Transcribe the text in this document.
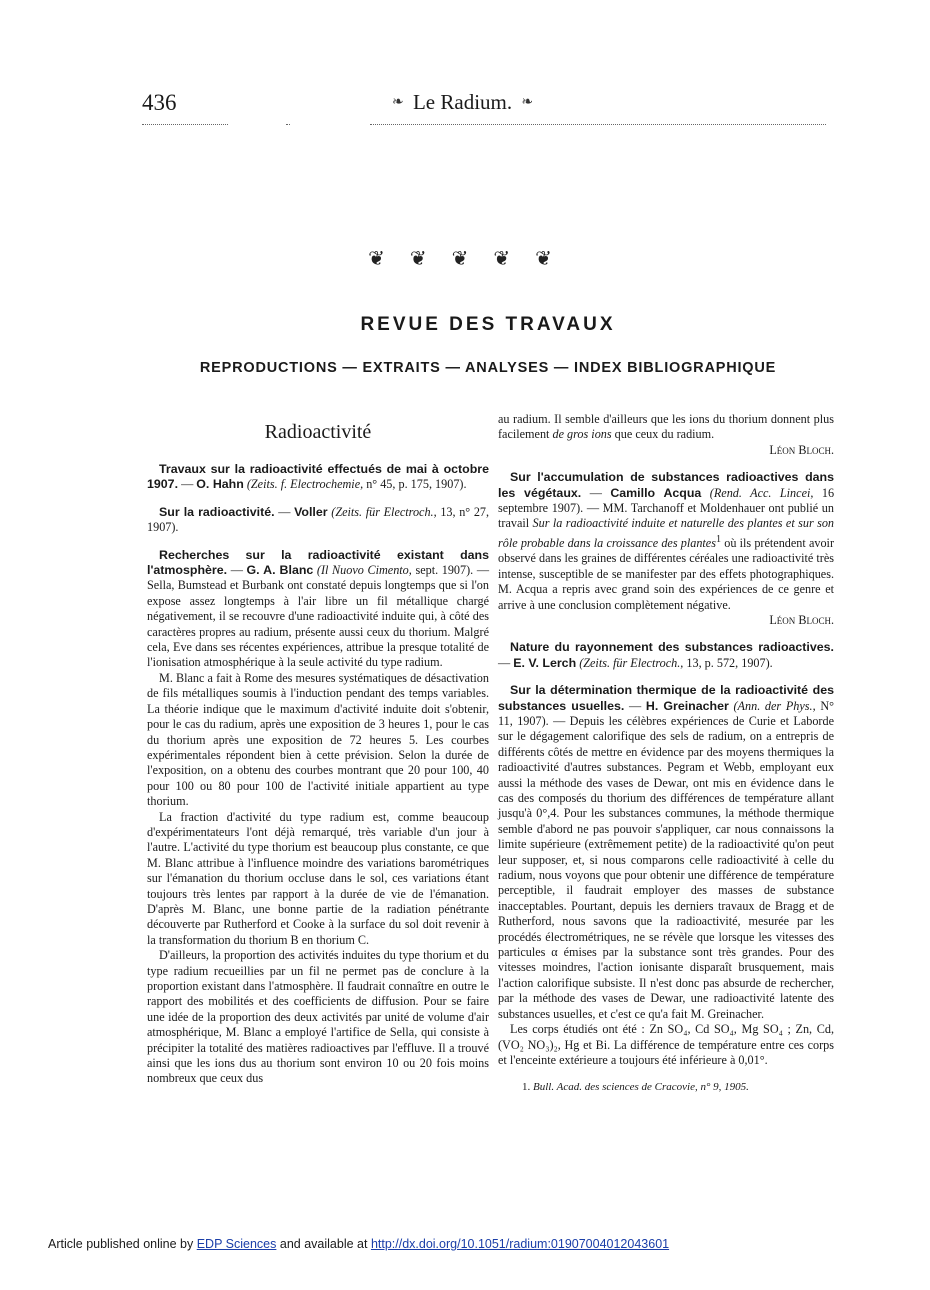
436	❧ Le Radium. ❧
❦ ❦ ❦ ❦ ❦
REVUE DES TRAVAUX
REPRODUCTIONS — EXTRAITS — ANALYSES — INDEX BIBLIOGRAPHIQUE
Radioactivité

Travaux sur la radioactivité effectués de mai à octobre 1907. — O. Hahn (Zeits. f. Electrochemie, n° 45, p. 175, 1907).

Sur la radioactivité. — Voller (Zeits. für Electroch., 13, n° 27, 1907).

Recherches sur la radioactivité existant dans l'atmosphère. — G. A. Blanc (Il Nuovo Cimento, sept. 1907). — Sella, Bumstead et Burbank ont constaté depuis longtemps que si l'on expose assez longtemps à l'air libre un fil métallique chargé négativement, il se recouvre d'une radioactivité induite qui, à côté des caractères propres au radium, présente aussi ceux du thorium. Malgré cela, Eve dans ses récentes expériences, attribue la presque totalité de l'ionisation atmosphérique à la seule activité du type radium.

M. Blanc a fait à Rome des mesures systématiques de désactivation de fils métalliques soumis à l'induction pendant des temps variables. La théorie indique que le maximum d'activité induite doit s'obtenir, pour le cas du radium, après une exposition de 3 heures 1, pour le cas du thorium après une exposition de 72 heures 5. Les courbes expérimentales répondent bien à cette prévision. Selon la durée de l'exposition, on a obtenu des courbes montrant que 20 pour 100, 40 pour 100 ou 80 pour 100 de l'activité initiale appartient au type thorium.

La fraction d'activité du type radium est, comme beaucoup d'expérimentateurs l'ont déjà remarqué, très variable d'un jour à l'autre. L'activité du type thorium est beaucoup plus constante, ce que M. Blanc attribue à l'influence moindre des variations barométriques sur l'émanation du thorium occluse dans le sol, ces variations étant toujours très lentes par rapport à la durée de vie de l'émanation. D'après M. Blanc, une bonne partie de la radiation pénétrante découverte par Rutherford et Cooke à la surface du sol doit revenir à la transformation du thorium B en thorium C.

D'ailleurs, la proportion des activités induites du type thorium et du type radium recueillies par un fil ne permet pas de conclure à la proportion existant dans l'atmosphère. Il faudrait connaître en outre le rapport des mobilités et des coefficients de diffusion. Pour se faire une idée de la proportion des deux activités par unité de volume d'air atmosphérique, M. Blanc a employé l'artifice de Sella, qui consiste à précipiter la totalité des matières radioactives par l'effluve. Il a trouvé ainsi que les ions dus au thorium sont environ 10 ou 20 fois moins nombreux que ceux dus

au radium. Il semble d'ailleurs que les ions du thorium donnent plus facilement de gros ions que ceux du radium.

Léon Bloch.

Sur l'accumulation de substances radioactives dans les végétaux. — Camillo Acqua (Rend. Acc. Lincei, 16 septembre 1907). — MM. Tarchanoff et Moldenhauer ont publié un travail Sur la radioactivité induite et naturelle des plantes et sur son rôle probable dans la croissance des plantes$^1$ où ils prétendent avoir observé dans les graines de différentes céréales une radioactivité très intense, susceptible de se manifester par des effets photographiques. M. Acqua a repris avec grand soin des expériences de ce genre et arrive à une conclusion complètement négative.

Léon Bloch.

Nature du rayonnement des substances radioactives. — E. V. Lerch (Zeits. für Electroch., 13, p. 572, 1907).

Sur la détermination thermique de la radioactivité des substances usuelles. — H. Greinacher (Ann. der Phys., N° 11, 1907). — Depuis les célèbres expériences de Curie et Laborde sur le dégagement calorifique des sels de radium, on a entrepris de différents côtés de mettre en évidence par des moyens thermiques la radioactivité d'autres substances. Pegram et Webb, employant eux aussi la méthode des vases de Dewar, ont mis en évidence dans le cas des composés du thorium des différences de température allant jusqu'à 0°,4. Pour les substances communes, la méthode thermique semble d'abord ne pas pouvoir s'appliquer, car nous connaissons la limite supérieure (extrêmement petite) de la radioactivité qu'on peut leur supposer, et, si nous comparons celle radioactivité à celle du radium, nous voyons que pour obtenir une différence de température perceptible, il faudrait employer des masses de substance inacceptables. Pourtant, depuis les derniers travaux de Bragg et de Rutherford, nous savons que la radioactivité, mesurée par les procédés électrométriques, ne se révèle que lorsque les vitesses des particules α émises par la substance sont très grandes. Pour des vitesses moindres, l'action ionisante disparaît brusquement, mais l'action calorifique subsiste. Il n'est donc pas absurde de rechercher, par la méthode des vases de Dewar, une radioactivité latente des substances usuelles, et c'est ce qu'a fait M. Greinacher.

Les corps étudiés ont été : Zn SO₄, Cd SO₄, Mg SO₄ ; Zn, Cd, (VO₂ NO₃)₂, Hg et Bi. La différence de température entre ces corps et l'enceinte extérieure a toujours été inférieure à 0,01°.

1. Bull. Acad. des sciences de Cracovie, n° 9, 1905.
Article published online by EDP Sciences and available at http://dx.doi.org/10.1051/radium:01907004012043601
